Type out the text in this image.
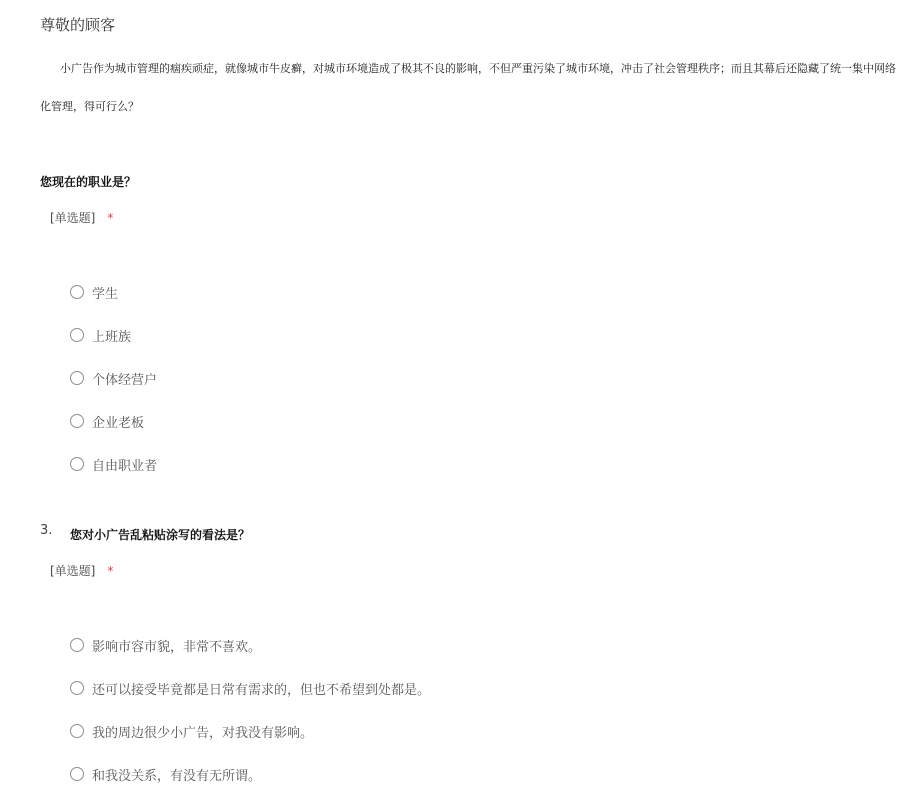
尊敬的顾客
小广告作为城市管理的痼疾顽症，就像城市牛皮癣，对城市环境造成了极其不良的影响，不但严重污染了城市环境，冲击了社会管理秩序；而且其幕后还隐藏了统一集中网络化管理，得可行么？
您现在的职业是？
[单选题] *
学生
上班族
个体经营户
企业老板
自由职业者
3. 您对小广告乱粘贴涂写的看法是？
[单选题] *
影响市容市貌，非常不喜欢。
还可以接受毕竟都是日常有需求的，但也不希望到处都是。
我的周边很少小广告，对我没有影响。
和我没关系，有没有无所谓。
